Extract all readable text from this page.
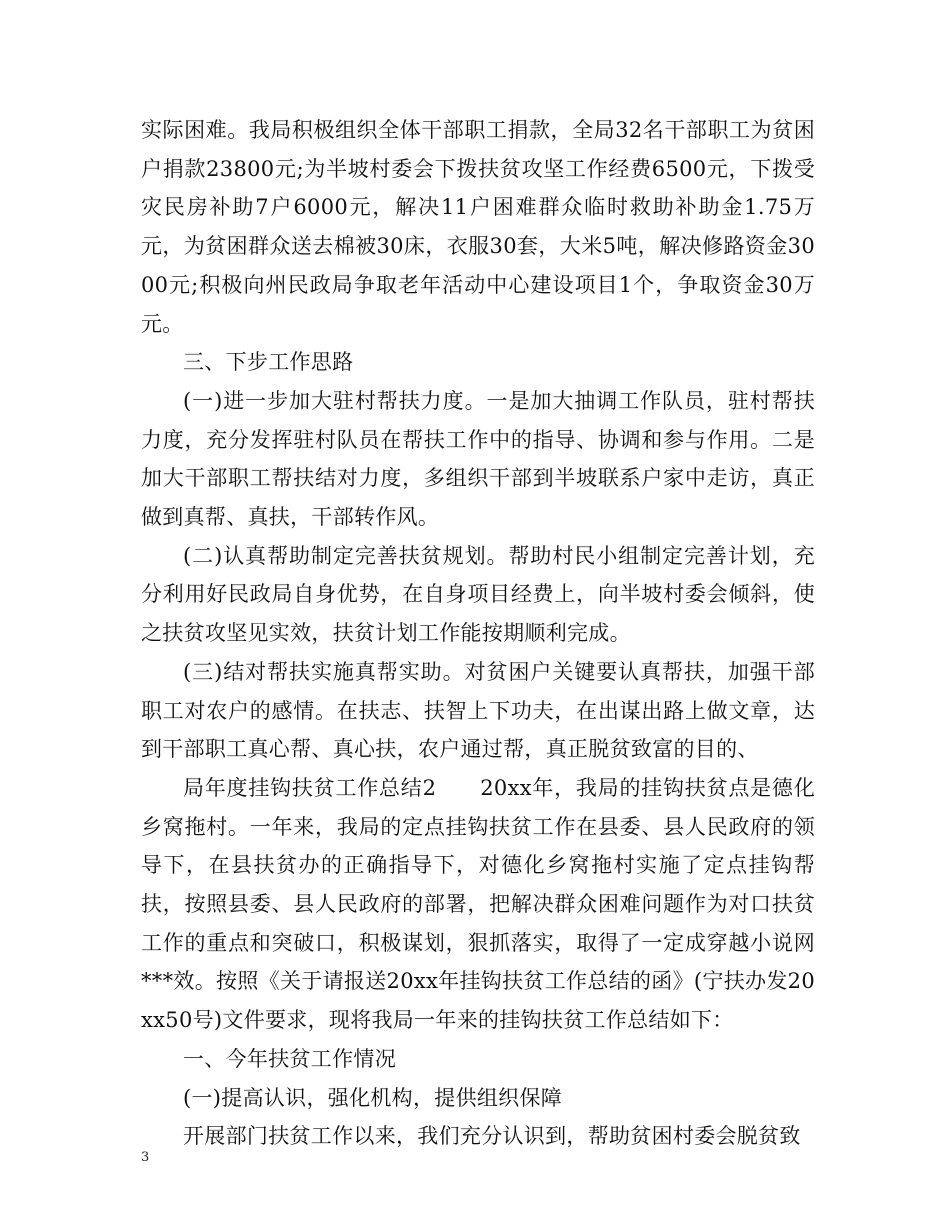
实际困难。我局积极组织全体干部职工捐款，全局32名干部职工为贫困户捐款23800元;为半坡村委会下拨扶贫攻坚工作经费6500元，下拨受灾民房补助7户6000元，解决11户困难群众临时救助补助金1.75万元，为贫困群众送去棉被30床，衣服30套，大米5吨，解决修路资金3000元;积极向州民政局争取老年活动中心建设项目1个，争取资金30万元。

三、下步工作思路

(一)进一步加大驻村帮扶力度。一是加大抽调工作队员，驻村帮扶力度，充分发挥驻村队员在帮扶工作中的指导、协调和参与作用。二是加大干部职工帮扶结对力度，多组织干部到半坡联系户家中走访，真正做到真帮、真扶，干部转作风。

(二)认真帮助制定完善扶贫规划。帮助村民小组制定完善计划，充分利用好民政局自身优势，在自身项目经费上，向半坡村委会倾斜，使之扶贫攻坚见实效，扶贫计划工作能按期顺利完成。

(三)结对帮扶实施真帮实助。对贫困户关键要认真帮扶，加强干部职工对农户的感情。在扶志、扶智上下功夫，在出谋出路上做文章，达到干部职工真心帮、真心扶，农户通过帮，真正脱贫致富的目的、

局年度挂钩扶贫工作总结2　　20xx年，我局的挂钩扶贫点是德化乡窝拖村。一年来，我局的定点挂钩扶贫工作在县委、县人民政府的领导下，在县扶贫办的正确指导下，对德化乡窝拖村实施了定点挂钩帮扶，按照县委、县人民政府的部署，把解决群众困难问题作为对口扶贫工作的重点和突破口，积极谋划，狠抓落实，取得了一定成穿越小说网 ***效。按照《关于请报送20xx年挂钩扶贫工作总结的函》(宁扶办发20xx50号)文件要求，现将我局一年来的挂钩扶贫工作总结如下：

一、今年扶贫工作情况

(一)提高认识，强化机构，提供组织保障

开展部门扶贫工作以来，我们充分认识到，帮助贫困村委会脱贫致

3
